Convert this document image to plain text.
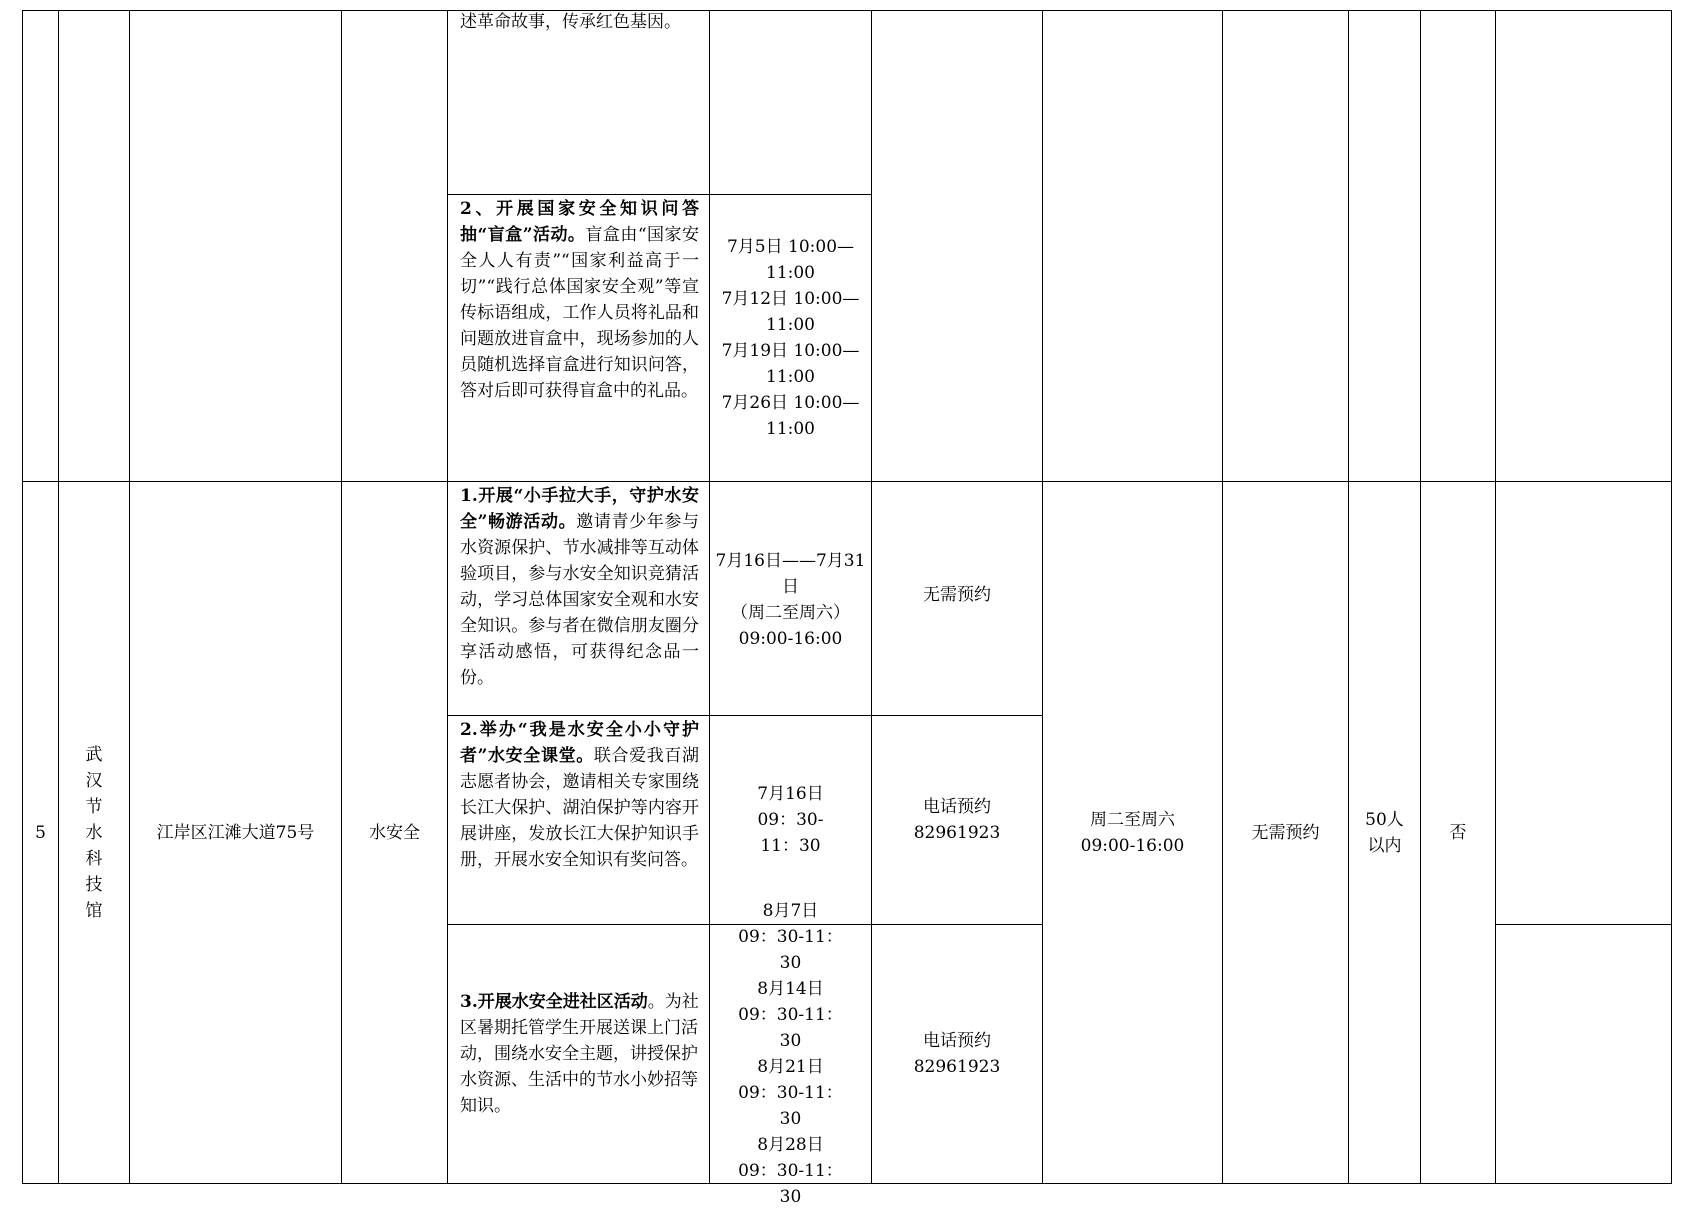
述革命故事，传承红色基因。
2、开展国家安全知识问答抽“盲盒”活动。盲盒由“国家安全人人有责”“国家利益高于一切”“践行总体国家安全观”等宣传标语组成，工作人员将礼品和问题放进盲盒中，现场参加的人员随机选择盲盒进行知识问答，答对后即可获得盲盒中的礼品。
7月5日 10:00—11:00
7月12日 10:00—11:00
7月19日 10:00—11:00
7月26日 10:00—11:00
5
武汉节水科技馆
江岸区江滩大道75号	水安全
1.开展“小手拉大手，守护水安全”畅游活动。邀请青少年参与水资源保护、节水减排等互动体验项目，参与水安全知识竞猜活动，学习总体国家安全观和水安全知识。参与者在微信朋友圈分享活动感悟，可获得纪念品一份。
7月16日——7月31日
（周二至周六）
09:00-16:00
无需预约
2.举办“我是水安全小小守护者”水安全课堂。联合爱我百湖志愿者协会，邀请相关专家围绕长江大保护、湖泊保护等内容开展讲座，发放长江大保护知识手册，开展水安全知识有奖问答。
7月16日 09：30-11：30
电话预约
82961923
3.开展水安全进社区活动。为社区暑期托管学生开展送课上门活动，围绕水安全主题，讲授保护水资源、生活中的节水小妙招等知识。
8月7日　09：30-11：30
8月14日 09：30-11：30
8月21日 09：30-11：30
8月28日 09：30-11：30
电话预约
82961923
周二至周六
09:00-16:00
无需预约
50人以内
否
